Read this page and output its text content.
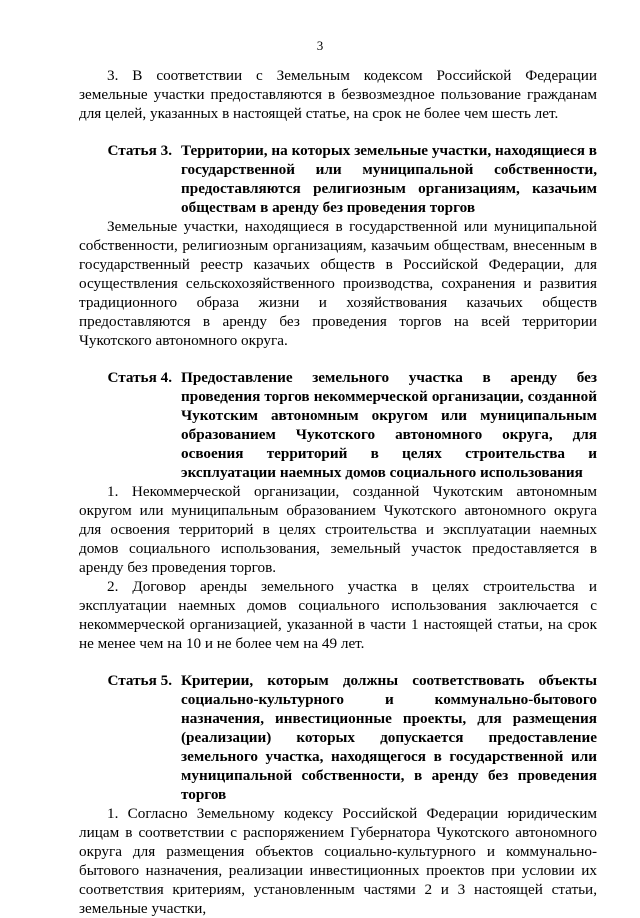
3

3. В соответствии с Земельным кодексом Российской Федерации земельные участки предоставляются в безвозмездное пользование гражданам для целей, указанных в настоящей статье, на срок не более чем шесть лет.

Статья 3. Территории, на которых земельные участки, находящиеся в государственной или муниципальной собственности, предоставляются религиозным организациям, казачьим обществам в аренду без проведения торгов

Земельные участки, находящиеся в государственной или муниципальной собственности, религиозным организациям, казачьим обществам, внесенным в государственный реестр казачьих обществ в Российской Федерации, для осуществления сельскохозяйственного производства, сохранения и развития традиционного образа жизни и хозяйствования казачьих обществ предоставляются в аренду без проведения торгов на всей территории Чукотского автономного округа.

Статья 4. Предоставление земельного участка в аренду без проведения торгов некоммерческой организации, созданной Чукотским автономным округом или муниципальным образованием Чукотского автономного округа, для освоения территорий в целях строительства и эксплуатации наемных домов социального использования

1. Некоммерческой организации, созданной Чукотским автономным округом или муниципальным образованием Чукотского автономного округа для освоения территорий в целях строительства и эксплуатации наемных домов социального использования, земельный участок предоставляется в аренду без проведения торгов.

2. Договор аренды земельного участка в целях строительства и эксплуатации наемных домов социального использования заключается с некоммерческой организацией, указанной в части 1 настоящей статьи, на срок не менее чем на 10 и не более чем на 49 лет.

Статья 5. Критерии, которым должны соответствовать объекты социально-культурного и коммунально-бытового назначения, инвестиционные проекты, для размещения (реализации) которых допускается предоставление земельного участка, находящегося в государственной или муниципальной собственности, в аренду без проведения торгов

1. Согласно Земельному кодексу Российской Федерации юридическим лицам в соответствии с распоряжением Губернатора Чукотского автономного округа для размещения объектов социально-культурного и коммунально-бытового назначения, реализации инвестиционных проектов при условии их соответствия критериям, установленным частями 2 и 3 настоящей статьи, земельные участки,
